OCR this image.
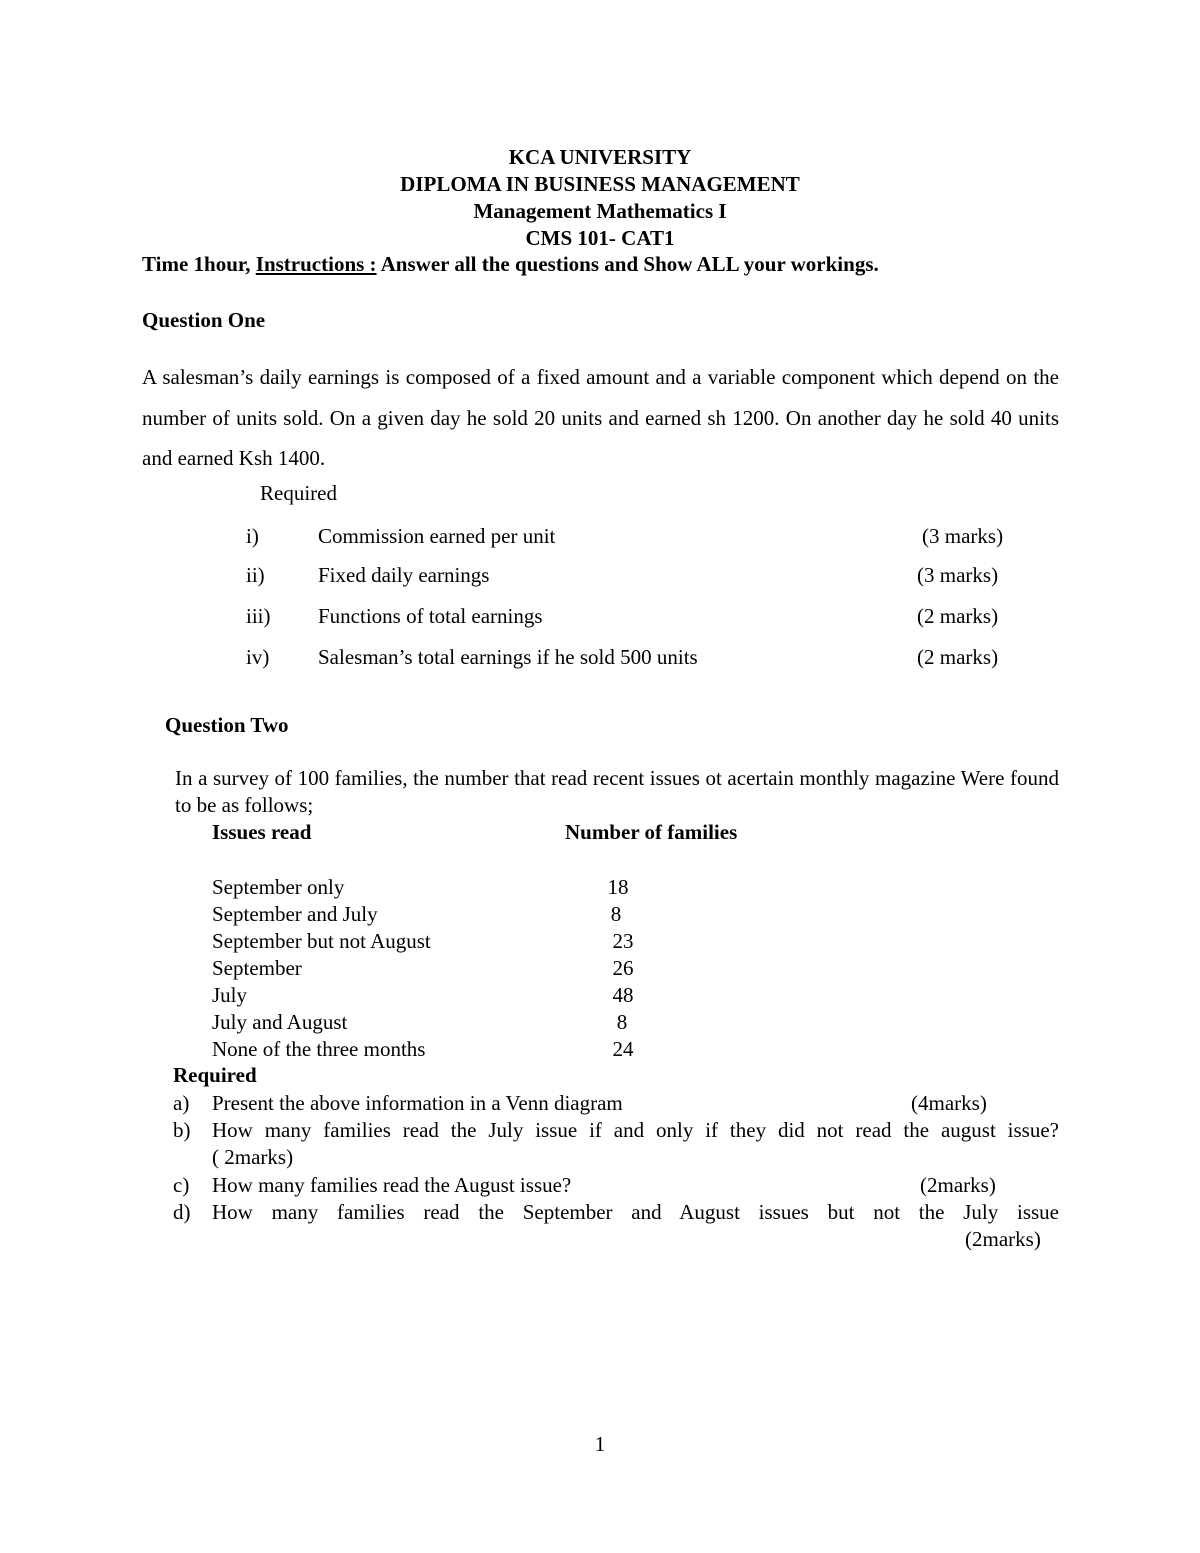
KCA UNIVERSITY
DIPLOMA IN BUSINESS MANAGEMENT
Management Mathematics I
CMS 101- CAT1
Time 1hour, Instructions : Answer all the questions and Show ALL your workings.
Question One
A salesman’s daily earnings is composed of a fixed amount and a variable component which depend on the number of units sold. On a given day he sold 20 units and earned sh 1200. On another day he sold 40 units and earned Ksh 1400.
Required
i)	Commission earned per unit	(3 marks)
ii)	Fixed daily earnings	(3 marks)
iii) Functions of total earnings	(2 marks)
iv) Salesman’s total earnings if he sold 500 units	(2 marks)
Question Two
In a survey of 100 families, the number that read recent issues ot acertain monthly magazine Were found to be as follows;
Issues read	Number of families
September only	18
September and July	8
September but not August	23
September	26
July	48
July and August	8
None of the three months	24
Required
a) Present the above information in a Venn diagram	(4marks)
b) How many families read the July issue if and only if they did not read the august issue?
( 2marks)
c) How many families read the August issue?	(2marks)
d) How many families read the September and August issues but not the July issue
(2marks)
1
